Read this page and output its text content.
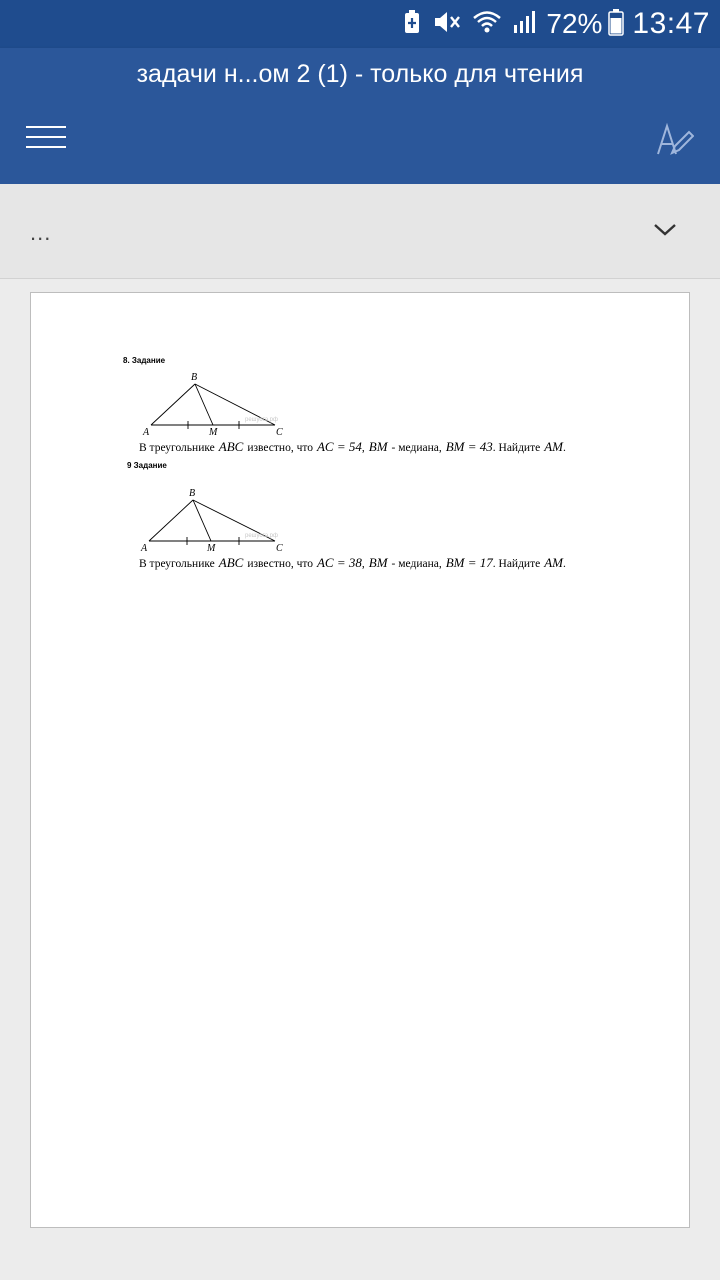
72% 13:47
задачи н...ом 2 (1) - только для чтения
...
8. Задание
B
A	M	C
решуогэ.рф
В треугольнике ABC известно, что AC = 54, BM - медиана, BM = 43. Найдите AM.
9 Задание
B
A	M	C
решуогэ.рф
В треугольнике ABC известно, что AC = 38, BM - медиана, BM = 17. Найдите AM.
